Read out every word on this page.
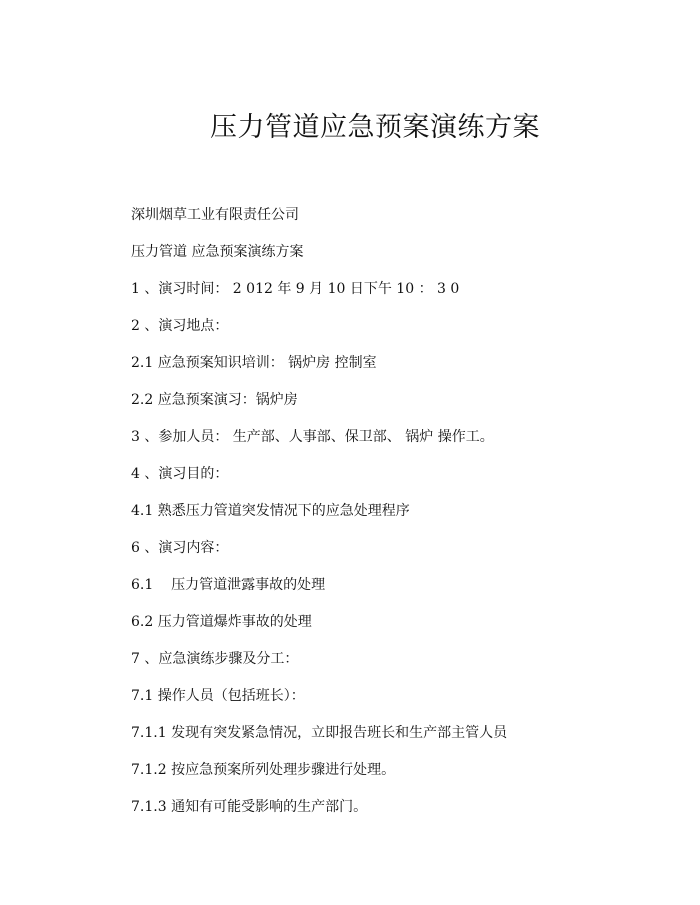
压力管道应急预案演练方案
深圳烟草工业有限责任公司
压力管道 应急预案演练方案
1 、演习时间： 2 012 年 9 月 10 日下午 10 ： 3 0
2 、演习地点：
2.1 应急预案知识培训： 锅炉房 控制室
2.2 应急预案演习：锅炉房
3 、参加人员： 生产部、人事部、保卫部、 锅炉 操作工。
4 、演习目的：
4.1 熟悉压力管道突发情况下的应急处理程序
6 、演习内容：
6.1    压力管道泄露事故的处理
6.2 压力管道爆炸事故的处理
7 、应急演练步骤及分工：
7.1 操作人员（包括班长）：
7.1.1 发现有突发紧急情况，立即报告班长和生产部主管人员
7.1.2 按应急预案所列处理步骤进行处理。
7.1.3 通知有可能受影响的生产部门。
